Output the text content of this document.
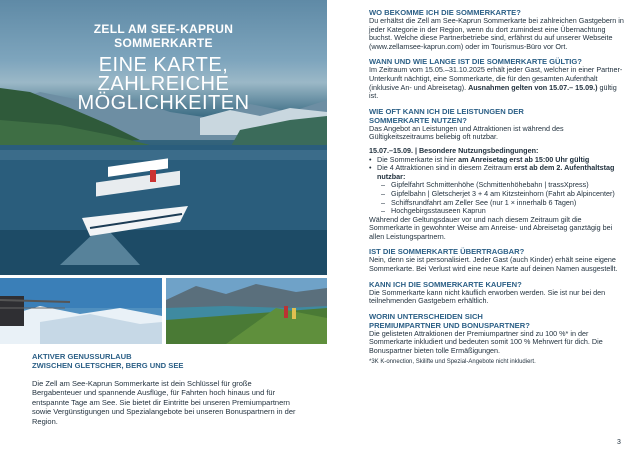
ZELL AM SEE-KAPRUN
SOMMERKARTE
EINE KARTE,
ZAHLREICHE
MÖGLICHKEITEN
AKTIVER GENUSSURLAUB
ZWISCHEN GLETSCHER, BERG UND SEE
Die Zell am See-Kaprun Sommerkarte ist dein Schlüssel für große Bergabenteuer und spannende Ausflüge, für Fahrten hoch hinaus und für entspannte Tage am See. Sie bietet dir Eintritte bei unseren Premiumpartnern sowie Vergünstigungen und Spezialangebote bei unseren Bonuspartnern in der Region.
WO BEKOMME ICH DIE SOMMERKARTE?
Du erhältst die Zell am See-Kaprun Sommerkarte bei zahlreichen Gastgebern in jeder Kategorie in der Region, wenn du dort zumindest eine Übernachtung buchst. Welche diese Partnerbetriebe sind, erfährst du auf unserer Webseite (www.zellamsee-kaprun.com) oder im Tourismus-Büro vor Ort.
WANN UND WIE LANGE IST DIE SOMMERKARTE GÜLTIG?
Im Zeitraum vom 15.05.–31.10.2025 erhält jeder Gast, welcher in einer Partner-Unterkunft nächtigt, eine Sommerkarte, die für den gesamten Aufenthalt (inklusive An- und Abreisetag). Ausnahmen gelten von 15.07.– 15.09.) gültig ist.
WIE OFT KANN ICH DIE LEISTUNGEN DER
SOMMERKARTE NUTZEN?
Das Angebot an Leistungen und Attraktionen ist während des Gültigkeitszeitraums beliebig oft nutzbar.
15.07.–15.09. | Besondere Nutzungsbedingungen:
• Die Sommerkarte ist hier am Anreisetag erst ab 15:00 Uhr gültig
• Die 4 Attraktionen sind in diesem Zeitraum erst ab dem 2. Aufenthaltstag nutzbar:
– Gipfelfahrt Schmittenhöhe (Schmittenhöhebahn | trassXpress)
– Gipfelbahn | Gletscherjet 3 + 4 am Kitzsteinhorn (Fahrt ab Alpincenter)
– Schiffsrundfahrt am Zeller See (nur 1 × innerhalb 6 Tagen)
– Hochgebirgsstauseen Kaprun
Während der Geltungsdauer vor und nach diesem Zeitraum gilt die Sommerkarte in gewohnter Weise am Anreise- und Abreisetag ganztägig bei allen Leistungspartnern.
IST DIE SOMMERKARTE ÜBERTRAGBAR?
Nein, denn sie ist personalisiert. Jeder Gast (auch Kinder) erhält seine eigene Sommerkarte. Bei Verlust wird eine neue Karte auf deinen Namen ausgestellt.
KANN ICH DIE SOMMERKARTE KAUFEN?
Die Sommerkarte kann nicht käuflich erworben werden. Sie ist nur bei den teilnehmenden Gastgebern erhältlich.
WORIN UNTERSCHEIDEN SICH
PREMIUMPARTNER UND BONUSPARTNER?
Die gelisteten Attraktionen der Premiumpartner sind zu 100 %* in der Sommerkarte inkludiert und bedeuten somit 100 % Mehrwert für dich. Die Bonuspartner bieten tolle Ermäßigungen.
*3K K-onnection, Skilifte und Spezial-Angebote nicht inkludiert.
3
